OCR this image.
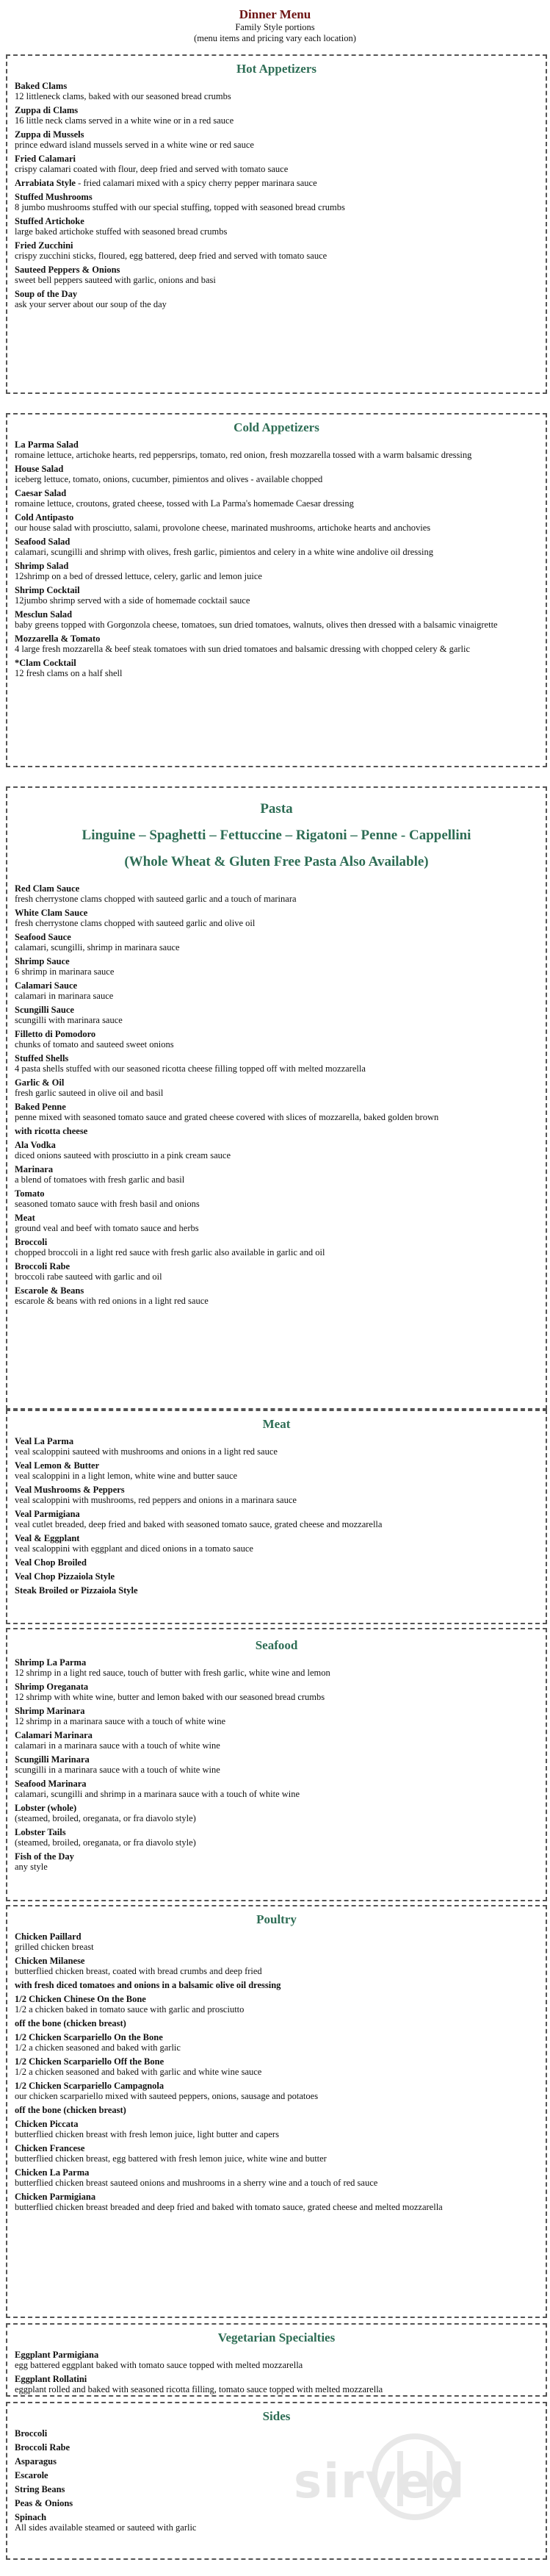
Dinner Menu
Family Style portions
(menu items and pricing vary each location)
Hot Appetizers
Baked Clams
12 littleneck clams, baked with our seasoned bread crumbs
Zuppa di Clams
16 little neck clams served in a white wine or in a red sauce
Zuppa di Mussels
prince edward island mussels served in a white wine or red sauce
Fried Calamari
crispy calamari coated with flour, deep fried and served with tomato sauce
Arrabiata Style - fried calamari mixed with a spicy cherry pepper marinara sauce
Stuffed Mushrooms
8 jumbo mushrooms stuffed with our special stuffing, topped with seasoned bread crumbs
Stuffed Artichoke
large baked artichoke stuffed with seasoned bread crumbs
Fried Zucchini
crispy zucchini sticks, floured, egg battered, deep fried and served with tomato sauce
Sauteed Peppers & Onions
sweet bell peppers sauteed with garlic, onions and basi
Soup of the Day
ask your server about our soup of the day
Cold Appetizers
La Parma Salad
romaine lettuce, artichoke hearts, red peppersrips, tomato, red onion, fresh mozzarella tossed with a warm balsamic dressing
House Salad
iceberg lettuce, tomato, onions, cucumber, pimientos and olives - available chopped
Caesar Salad
romaine lettuce, croutons, grated cheese, tossed with La Parma's homemade Caesar dressing
Cold Antipasto
our house salad with prosciutto, salami, provolone cheese, marinated mushrooms, artichoke hearts and anchovies
Seafood Salad
calamari, scungilli and shrimp with olives, fresh garlic, pimientos and celery in a white wine andolive oil dressing
Shrimp Salad
12shrimp on a bed of dressed lettuce, celery, garlic and lemon juice
Shrimp Cocktail
12jumbo shrimp served with a side of homemade cocktail sauce
Mesclun Salad
baby greens topped with Gorgonzola cheese, tomatoes, sun dried tomatoes, walnuts, olives then dressed with a balsamic vinaigrette
Mozzarella & Tomato
4 large fresh mozzarella & beef steak tomatoes with sun dried tomatoes and balsamic dressing with chopped celery & garlic
*Clam Cocktail
12 fresh clams on a half shell
Pasta
Linguine – Spaghetti – Fettuccine – Rigatoni – Penne - Cappellini
(Whole Wheat & Gluten Free Pasta Also Available)
Red Clam Sauce
fresh cherrystone clams chopped with sauteed garlic and a touch of marinara
White Clam Sauce
fresh cherrystone clams chopped with sauteed garlic and olive oil
Seafood Sauce
calamari, scungilli, shrimp in marinara sauce
Shrimp Sauce
6 shrimp in marinara sauce
Calamari Sauce
calamari in marinara sauce
Scungilli Sauce
scungilli with marinara sauce
Filletto di Pomodoro
chunks of tomato and sauteed sweet onions
Stuffed Shells
4 pasta shells stuffed with our seasoned ricotta cheese filling topped off with melted mozzarella
Garlic & Oil
fresh garlic sauteed in olive oil and basil
Baked Penne
penne mixed with seasoned tomato sauce and grated cheese covered with slices of mozzarella, baked golden brown
with ricotta cheese
Ala Vodka
diced onions sauteed with prosciutto in a pink cream sauce
Marinara
a blend of tomatoes with fresh garlic and basil
Tomato
seasoned tomato sauce with fresh basil and onions
Meat
ground veal and beef with tomato sauce and herbs
Broccoli
chopped broccoli in a light red sauce with fresh garlic also available in garlic and oil
Broccoli Rabe
broccoli rabe sauteed with garlic and oil
Escarole & Beans
escarole & beans with red onions in a light red sauce
Meat
Veal La Parma
veal scaloppini sauteed with mushrooms and onions in a light red sauce
Veal Lemon & Butter
veal scaloppini in a light lemon, white wine and butter sauce
Veal Mushrooms & Peppers
veal scaloppini with mushrooms, red peppers and onions in a marinara sauce
Veal Parmigiana
veal cutlet breaded, deep fried and baked with seasoned tomato sauce, grated cheese and mozzarella
Veal & Eggplant
veal scaloppini with eggplant and diced onions in a tomato sauce
Veal Chop Broiled
Veal Chop Pizzaiola Style
Steak Broiled or Pizzaiola Style
Seafood
Shrimp La Parma
12 shrimp in a light red sauce, touch of butter with fresh garlic, white wine and lemon
Shrimp Oreganata
12 shrimp with white wine, butter and lemon baked with our seasoned bread crumbs
Shrimp Marinara
12 shrimp in a marinara sauce with a touch of white wine
Calamari Marinara
calamari in a marinara sauce with a touch of white wine
Scungilli Marinara
scungilli in a marinara sauce with a touch of white wine
Seafood Marinara
calamari, scungilli and shrimp in a marinara sauce with a touch of white wine
Lobster (whole)
(steamed, broiled, oreganata, or fra diavolo style)
Lobster Tails
(steamed, broiled, oreganata, or fra diavolo style)
Fish of the Day
any style
Poultry
Chicken Paillard
grilled chicken breast
Chicken Milanese
butterflied chicken breast, coated with bread crumbs and deep fried
with fresh diced tomatoes and onions in a balsamic olive oil dressing
1/2 Chicken Chinese On the Bone
1/2 a chicken baked in tomato sauce with garlic and prosciutto
off the bone (chicken breast)
1/2 Chicken Scarpariello On the Bone
1/2 a chicken seasoned and baked with garlic
1/2 Chicken Scarpariello Off the Bone
1/2 a chicken seasoned and baked with garlic and white wine sauce
1/2 Chicken Scarpariello Campagnola
our chicken scarpariello mixed with sauteed peppers, onions, sausage and potatoes
off the bone (chicken breast)
Chicken Piccata
butterflied chicken breast with fresh lemon juice, light butter and capers
Chicken Francese
butterflied chicken breast, egg battered with fresh lemon juice, white wine and butter
Chicken La Parma
butterflied chicken breast sauteed onions and mushrooms in a sherry wine and a touch of red sauce
Chicken Parmigiana
butterflied chicken breast breaded and deep fried and baked with tomato sauce, grated cheese and melted mozzarella
Vegetarian Specialties
Eggplant Parmigiana
egg battered eggplant baked with tomato sauce topped with melted mozzarella
Eggplant Rollatini
eggplant rolled and baked with seasoned ricotta filling, tomato sauce topped with melted mozzarella
Sides
Broccoli
Broccoli Rabe
Asparagus
Escarole
String Beans
Peas & Onions
Spinach
All sides available steamed or sauteed with garlic
sirved
